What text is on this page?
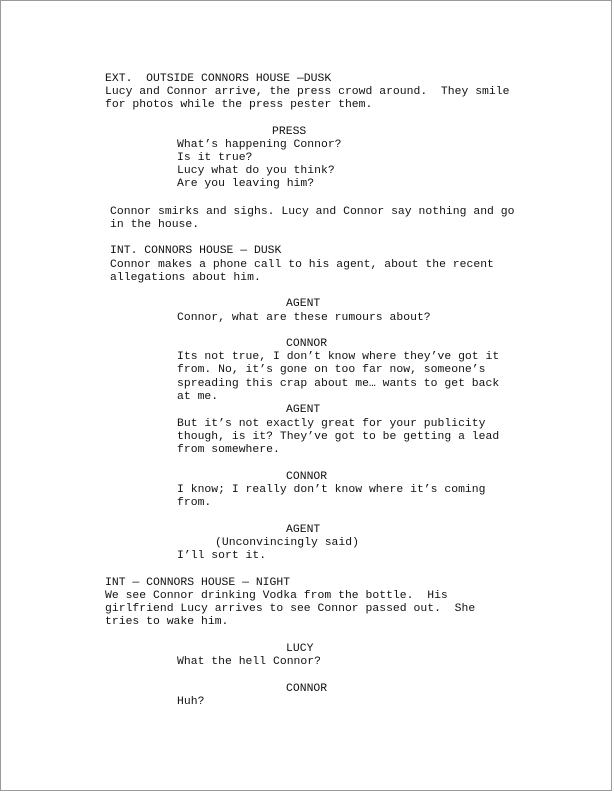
EXT.  OUTSIDE CONNORS HOUSE —DUSK
Lucy and Connor arrive, the press crowd around.  They smile
for photos while the press pester them.
PRESS
What’s happening Connor?
Is it true?
Lucy what do you think?
Are you leaving him?
Connor smirks and sighs. Lucy and Connor say nothing and go
in the house.
INT. CONNORS HOUSE — DUSK
Connor makes a phone call to his agent, about the recent
allegations about him.
AGENT
Connor, what are these rumours about?
CONNOR
Its not true, I don’t know where they’ve got it
from. No, it’s gone on too far now, someone’s
spreading this crap about me… wants to get back
at me.
AGENT
But it’s not exactly great for your publicity
though, is it? They’ve got to be getting a lead
from somewhere.
CONNOR
I know; I really don’t know where it’s coming
from.
AGENT
(Unconvincingly said)
I’ll sort it.
INT — CONNORS HOUSE — NIGHT
We see Connor drinking Vodka from the bottle.  His
girlfriend Lucy arrives to see Connor passed out.  She
tries to wake him.
LUCY
What the hell Connor?
CONNOR
Huh?
